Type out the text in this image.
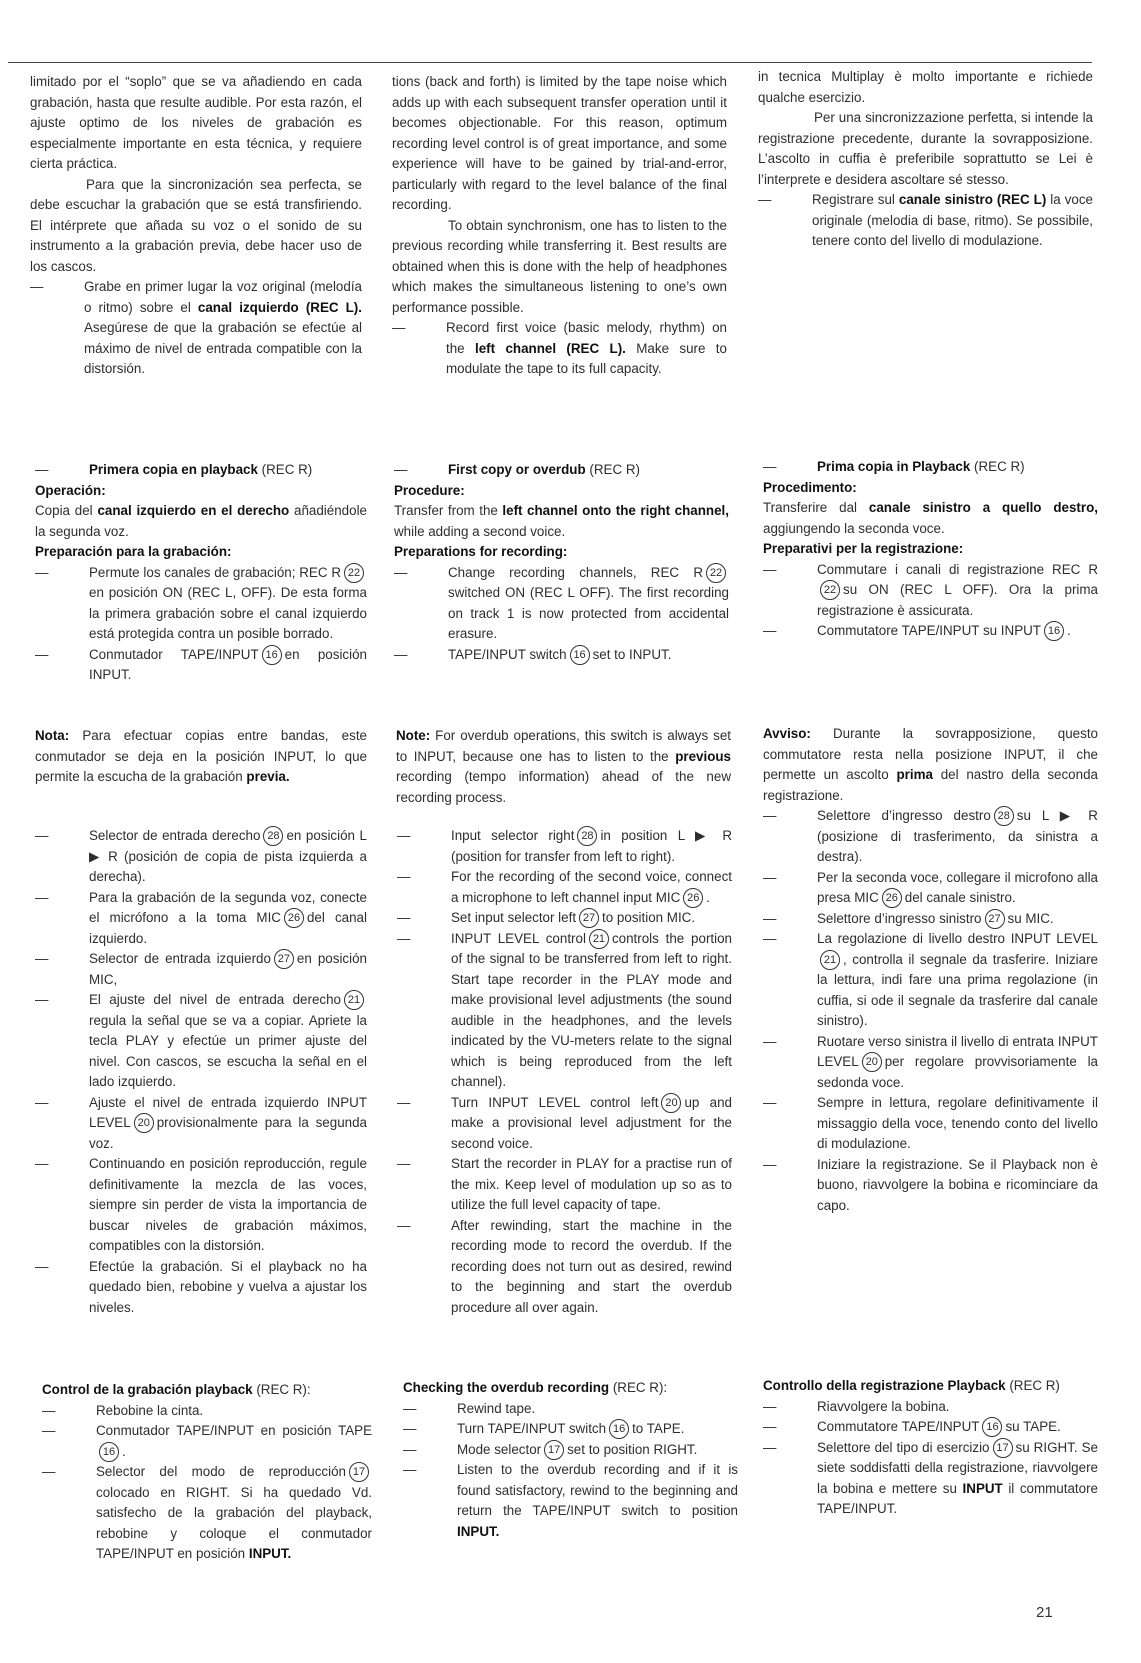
limitado por el “soplo” que se va añadiendo en cada grabación, hasta que resulte audible. Por esta razón, el ajuste optimo de los niveles de grabación es especialmente importante en esta técnica, y requiere cierta práctica.

Para que la sincronización sea perfecta, se debe escuchar la grabación que se está transfiriendo. El intérprete que añada su voz o el sonido de su instrumento a la grabación previa, debe hacer uso de los cascos.

— Grabe en primer lugar la voz original (melodía o ritmo) sobre el canal izquierdo (REC L). Asegúrese de que la grabación se efectúe al máximo de nivel de entrada compatible con la distorsión.

— Primera copia en playback (REC R)

Operación:

Copia del canal izquierdo en el derecho añadiéndole la segunda voz.

Preparación para la grabación:

— Permute los canales de grabación; REC R 22en posición ON (REC L, OFF). De esta forma la primera grabación sobre el canal izquierdo está protegida contra un posible borrado.

— Conmutador TAPE/INPUT 16 en posición INPUT.

Nota: Para efectuar copias entre bandas, este conmutador se deja en la posición INPUT, lo que permite la escucha de la grabación previa.

— Selector de entrada derecho 28 en posición L ▶ R (posición de copia de pista izquierda a derecha).

— Para la grabación de la segunda voz, conecte el micrófono a la toma MIC 26 del canal izquierdo.

— Selector de entrada izquierdo 27 en posición MIC,

— El ajuste del nivel de entrada derecho 21regula la señal que se va a copiar. Apriete la tecla PLAY y efectúe un primer ajuste del nivel. Con cascos, se escucha la señal en el lado izquierdo.

— Ajuste el nivel de entrada izquierdo INPUT LEVEL 20 provisionalmente para la segunda voz.

— Continuando en posición reproducción, regule definitivamente la mezcla de las voces, siempre sin perder de vista la importancia de buscar niveles de grabación máximos, compatibles con la distorsión.

— Efectúe la grabación. Si el playback no ha quedado bien, rebobine y vuelva a ajustar los niveles.

Control de la grabación playback (REC R):

— Rebobine la cinta.

— Conmutador TAPE/INPUT en posición TAPE16 .

— Selector del modo de reproducción 17colocado en RIGHT. Si ha quedado Vd. satisfecho de la grabación del playback, rebobine y coloque el conmutador TAPE/INPUT en posición INPUT.

tions (back and forth) is limited by the tape noise which adds up with each subsequent transfer operation until it becomes objectionable. For this reason, optimum recording level control is of great importance, and some experience will have to be gained by trial-and-error, particularly with regard to the level balance of the final recording.

To obtain synchronism, one has to listen to the previous recording while transferring it. Best results are obtained when this is done with the help of headphones which makes the simultaneous listening to one’s own performance possible.

— Record first voice (basic melody, rhythm) on the left channel (REC L). Make sure to modulate the tape to its full capacity.

— First copy or overdub (REC R)

Procedure:

Transfer from the left channel onto the right channel, while adding a second voice.

Preparations for recording:

— Change recording channels, REC R 22switched ON (REC L OFF). The first recording on track 1 is now protected from accidental erasure.

— TAPE/INPUT switch 16 set to INPUT.

Note: For overdub operations, this switch is always set to INPUT, because one has to listen to the previous recording (tempo information) ahead of the new recording process.

— Input selector right 28 in position L ▶ R (position for transfer from left to right).

— For the recording of the second voice, connect a microphone to left channel input MIC 26 .

— Set input selector left 27 to position MIC.

— INPUT LEVEL control 21 controls the portion of the signal to be transferred from left to right. Start tape recorder in the PLAY mode and make provisional level adjustments (the sound audible in the headphones, and the levels indicated by the VU-meters relate to the signal which is being reproduced from the left channel).

— Turn INPUT LEVEL control left 20 up and make a provisional level adjustment for the second voice.

— Start the recorder in PLAY for a practise run of the mix. Keep level of modulation up so as to utilize the full level capacity of tape.

— After rewinding, start the machine in the recording mode to record the overdub. If the recording does not turn out as desired, rewind to the beginning and start the overdub procedure all over again.

Checking the overdub recording (REC R):

— Rewind tape.

— Turn TAPE/INPUT switch 16 to TAPE.

— Mode selector 17 set to position RIGHT.

— Listen to the overdub recording and if it is found satisfactory, rewind to the beginning and return the TAPE/INPUT switch to position INPUT.

in tecnica Multiplay è molto importante e richiede qualche esercizio.

Per una sincronizzazione perfetta, si intende la registrazione precedente, durante la sovrapposizione. L’ascolto in cuffia è preferibile soprattutto se Lei è l’interprete e desidera ascoltare sé stesso.

— Registrare sul canale sinistro (REC L) la voce originale (melodia di base, ritmo). Se possibile, tenere conto del livello di modulazione.

— Prima copia in Playback (REC R)

Procedimento:

Transferire dal canale sinistro a quello destro, aggiungendo la seconda voce.

Preparativi per la registrazione:

— Commutare i canali di registrazione REC R22 su ON (REC L OFF). Ora la prima registrazione è assicurata.

— Commutatore TAPE/INPUT su INPUT 16 .

Avviso: Durante la sovrapposizione, questo commutatore resta nella posizione INPUT, il che permette un ascolto prima del nastro della seconda registrazione.

— Selettore d’ingresso destro 28 su L ▶ R (posizione di trasferimento, da sinistra a destra).

— Per la seconda voce, collegare il microfono alla presa MIC 26 del canale sinistro.

— Selettore d’ingresso sinistro 27 su MIC.

— La regolazione di livello destro INPUT LEVEL21 , controlla il segnale da trasferire. Iniziare la lettura, indi fare una prima regolazione (in cuffia, si ode il segnale da trasferire dal canale sinistro).

— Ruotare verso sinistra il livello di entrata INPUT LEVEL 20 per regolare provvisoriamente la sedonda voce.

— Sempre in lettura, regolare definitivamente il missaggio della voce, tenendo conto del livello di modulazione.

— Iniziare la registrazione. Se il Playback non è buono, riavvolgere la bobina e ricominciare da capo.

Controllo della registrazione Playback (REC R)

— Riavvolgere la bobina.

— Commutatore TAPE/INPUT 16 su TAPE.

— Selettore del tipo di esercizio 17 su RIGHT. Se siete soddisfatti della registrazione, riavvolgere la bobina e mettere su INPUT il commutatore TAPE/INPUT.

21
